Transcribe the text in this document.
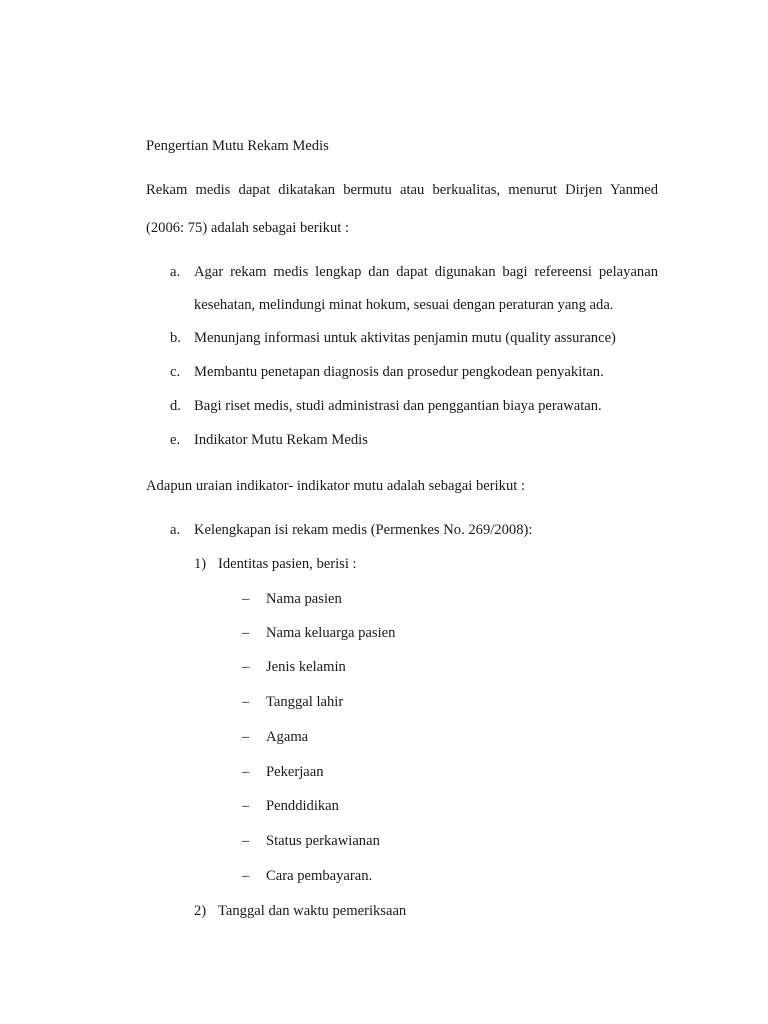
Pengertian Mutu Rekam Medis
Rekam medis dapat dikatakan bermutu atau berkualitas, menurut Dirjen Yanmed
(2006: 75) adalah sebagai berikut :
a. Agar rekam medis lengkap dan dapat digunakan bagi refereensi pelayanan
kesehatan, melindungi minat hokum, sesuai dengan peraturan yang ada.
b. Menunjang informasi untuk aktivitas penjamin mutu (quality assurance)
c. Membantu penetapan diagnosis dan prosedur pengkodean penyakitan.
d. Bagi riset medis, studi administrasi dan penggantian biaya perawatan.
e. Indikator Mutu Rekam Medis
Adapun uraian indikator- indikator mutu adalah sebagai berikut :
a. Kelengkapan isi rekam medis (Permenkes No. 269/2008):
1) Identitas pasien, berisi :
– Nama pasien
– Nama keluarga pasien
– Jenis kelamin
– Tanggal lahir
– Agama
– Pekerjaan
– Penddidikan
– Status perkawianan
– Cara pembayaran.
2) Tanggal dan waktu pemeriksaan
